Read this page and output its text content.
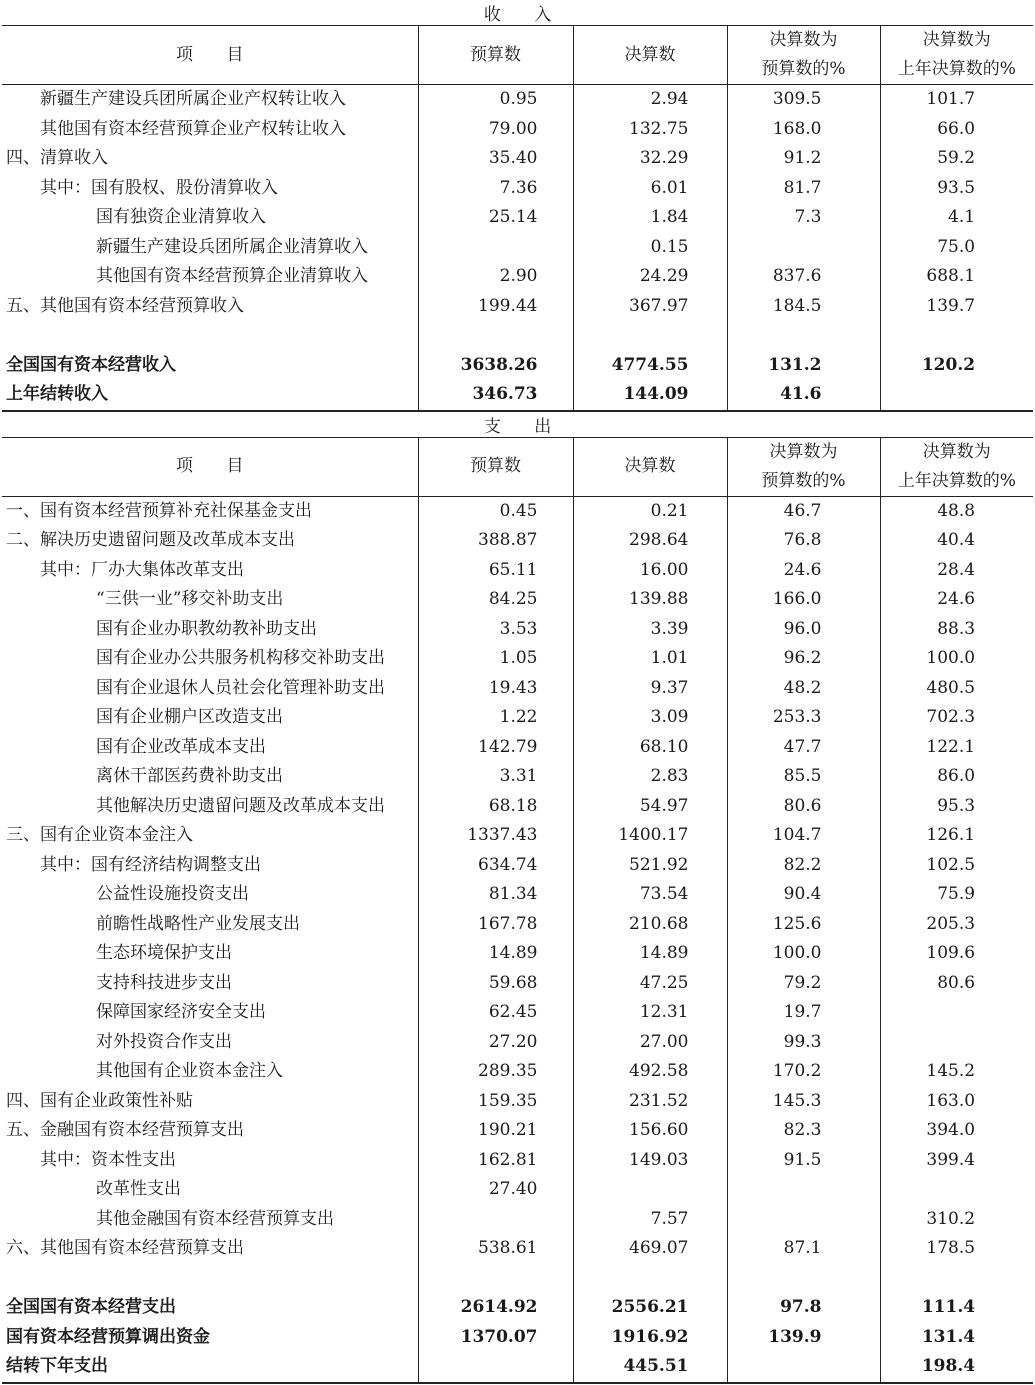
收 入				
项 目	预算数	决算数	决算数为
预算数的%	决算数为
上年决算数的%
新疆生产建设兵团所属企业产权转让收入	0.95	2.94	309.5	101.7
其他国有资本经营预算企业产权转让收入	79.00	132.75	168.0	66.0
四、清算收入	35.40	32.29	91.2	59.2
其中：国有股权、股份清算收入	7.36	6.01	81.7	93.5
国有独资企业清算收入	25.14	1.84	7.3	4.1
新疆生产建设兵团所属企业清算收入		0.15		75.0
其他国有资本经营预算企业清算收入	2.90	24.29	837.6	688.1
五、其他国有资本经营预算收入	199.44	367.97	184.5	139.7

全国国有资本经营收入	3638.26	4774.55	131.2	120.2
上年结转收入	346.73	144.09	41.6	
支 出				
项 目	预算数	决算数	决算数为
预算数的%	决算数为
上年决算数的%
一、国有资本经营预算补充社保基金支出	0.45	0.21	46.7	48.8
二、解决历史遗留问题及改革成本支出	388.87	298.64	76.8	40.4
其中：厂办大集体改革支出	65.11	16.00	24.6	28.4
“三供一业”移交补助支出	84.25	139.88	166.0	24.6
国有企业办职教幼教补助支出	3.53	3.39	96.0	88.3
国有企业办公共服务机构移交补助支出	1.05	1.01	96.2	100.0
国有企业退休人员社会化管理补助支出	19.43	9.37	48.2	480.5
国有企业棚户区改造支出	1.22	3.09	253.3	702.3
国有企业改革成本支出	142.79	68.10	47.7	122.1
离休干部医药费补助支出	3.31	2.83	85.5	86.0
其他解决历史遗留问题及改革成本支出	68.18	54.97	80.6	95.3
三、国有企业资本金注入	1337.43	1400.17	104.7	126.1
其中：国有经济结构调整支出	634.74	521.92	82.2	102.5
公益性设施投资支出	81.34	73.54	90.4	75.9
前瞻性战略性产业发展支出	167.78	210.68	125.6	205.3
生态环境保护支出	14.89	14.89	100.0	109.6
支持科技进步支出	59.68	47.25	79.2	80.6
保障国家经济安全支出	62.45	12.31	19.7	
对外投资合作支出	27.20	27.00	99.3	
其他国有企业资本金注入	289.35	492.58	170.2	145.2
四、国有企业政策性补贴	159.35	231.52	145.3	163.0
五、金融国有资本经营预算支出	190.21	156.60	82.3	394.0
其中：资本性支出	162.81	149.03	91.5	399.4
改革性支出	27.40			
其他金融国有资本经营预算支出		7.57		310.2
六、其他国有资本经营预算支出	538.61	469.07	87.1	178.5

全国国有资本经营支出	2614.92	2556.21	97.8	111.4
国有资本经营预算调出资金	1370.07	1916.92	139.9	131.4
结转下年支出		445.51		198.4
